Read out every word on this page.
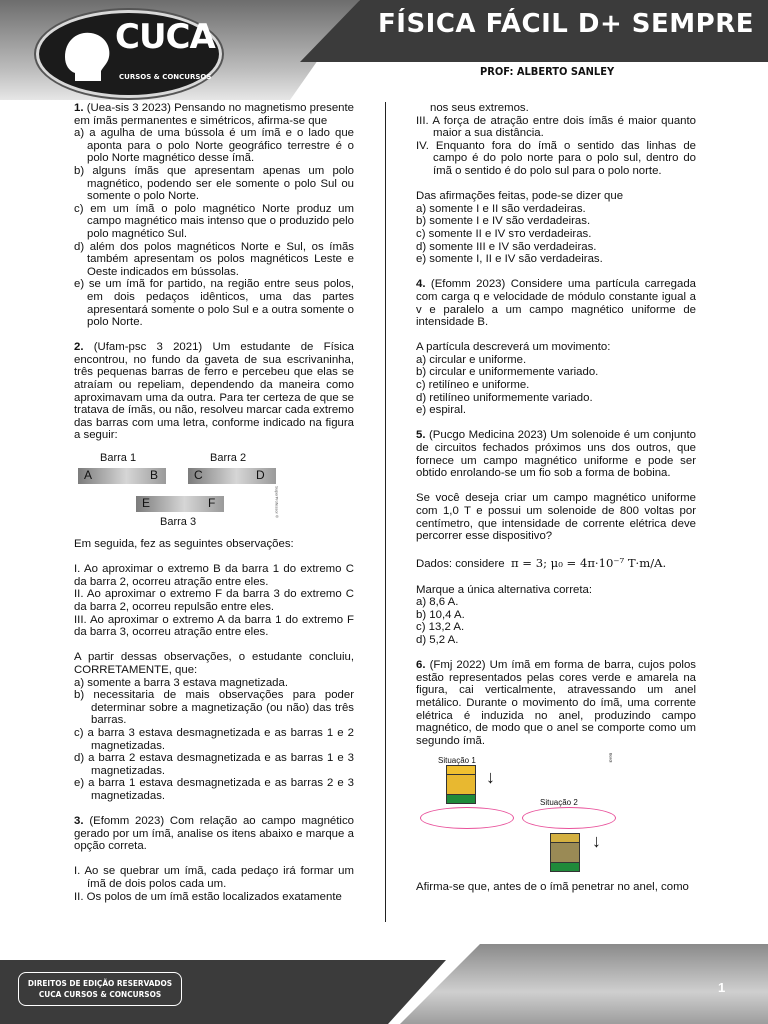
CUCA
CURSOS & CONCURSOS
FÍSICA FÁCIL D+ SEMPRE
PROF: ALBERTO SANLEY
1. (Uea-sis 3 2023) Pensando no magnetismo presente em ímãs permanentes e simétricos, afirma-se que
a) a agulha de uma bússola é um ímã e o lado que aponta para o polo Norte geográfico terrestre é o polo Norte magnético desse ímã.
b) alguns ímãs que apresentam apenas um polo magnético, podendo ser ele somente o polo Sul ou somente o polo Norte.
c) em um ímã o polo magnético Norte produz um campo magnético mais intenso que o produzido pelo polo magnético Sul.
d) além dos polos magnéticos Norte e Sul, os ímãs também apresentam os polos magnéticos Leste e Oeste indicados em bússolas.
e) se um ímã for partido, na região entre seus polos, em dois pedaços idênticos, uma das partes apresentará somente o polo Sul e a outra somente o polo Norte.
2. (Ufam-psc 3 2021) Um estudante de Física encontrou, no fundo da gaveta de sua escrivaninha, três pequenas barras de ferro e percebeu que elas se atraíam ou repeliam, dependendo da maneira como aproximavam uma da outra. Para ter certeza de que se tratava de ímãs, ou não, resolveu marcar cada extremo das barras com uma letra, conforme indicado na figura a seguir:
Barra 1	Barra 2
A	B	C	D
E	F
Barra 3
SuperProfessor®
Em seguida, fez as seguintes observações:
I. Ao aproximar o extremo B da barra 1 do extremo C da barra 2, ocorreu atração entre eles.
II. Ao aproximar o extremo F da barra 3 do extremo C da barra 2, ocorreu repulsão entre eles.
III. Ao aproximar o extremo A da barra 1 do extremo F da barra 3, ocorreu atração entre eles.
A partir dessas observações, o estudante concluiu, CORRETAMENTE, que:
a) somente a barra 3 estava magnetizada.
b) necessitaria de mais observações para poder determinar sobre a magnetização (ou não) das três barras.
c) a barra 3 estava desmagnetizada e as barras 1 e 2 magnetizadas.
d) a barra 2 estava desmagnetizada e as barras 1 e 3 magnetizadas.
e) a barra 1 estava desmagnetizada e as barras 2 e 3 magnetizadas.
3. (Efomm 2023) Com relação ao campo magnético gerado por um ímã, analise os itens abaixo e marque a opção correta.
I. Ao se quebrar um ímã, cada pedaço irá formar um ímã de dois polos cada um.
II. Os polos de um ímã estão localizados exatamente
nos seus extremos.
III. A força de atração entre dois ímãs é maior quanto maior a sua distância.
IV. Enquanto fora do ímã o sentido das linhas de campo é do polo norte para o polo sul, dentro do ímã o sentido é do polo sul para o polo norte.
Das afirmações feitas, pode-se dizer que
a) somente I e II são verdadeiras.
b) somente I e IV são verdadeiras.
c) somente II e IV ѕто verdadeiras.
d) somente III e IV são verdadeiras.
e) somente I, II e IV são verdadeiras.
4. (Efomm 2023) Considere uma partícula carregada com carga q e velocidade de módulo constante igual a v e paralelo a um campo magnético uniforme de intensidade B.
A partícula descreverá um movimento:
a) circular e uniforme.
b) circular e uniformemente variado.
c) retilíneo e uniforme.
d) retilíneo uniformemente variado.
e) espiral.
5. (Pucgo Medicina 2023) Um solenoide é um conjunto de circuitos fechados próximos uns dos outros, que fornece um campo magnético uniforme e pode ser obtido enrolando-se um fio sob a forma de bobina.
Se você deseja criar um campo magnético uniforme com 1,0 T e possui um solenoide de 800 voltas por centímetro, que intensidade de corrente elétrica deve percorrer esse dispositivo?
Dados: considere π = 3; μ₀ = 4π·10⁻⁷ T·m/A.
Marque a única alternativa correta:
a) 8,6 A.
b) 10,4 A.
c) 13,2 A.
d) 5,2 A.
6. (Fmj 2022) Um ímã em forma de barra, cujos polos estão representados pelas cores verde e amarela na figura, cai verticalmente, atravessando um anel metálico. Durante o movimento do ímã, uma corrente elétrica é induzida no anel, produzindo campo magnético, de modo que o anel se comporte como um segundo ímã.
Situação 1	Bordi
↓
Situação 2
↓
Afirma-se que, antes de o ímã penetrar no anel, como
DIREITOS DE EDIÇÃO RESERVADOS
CUCA CURSOS & CONCURSOS	1
